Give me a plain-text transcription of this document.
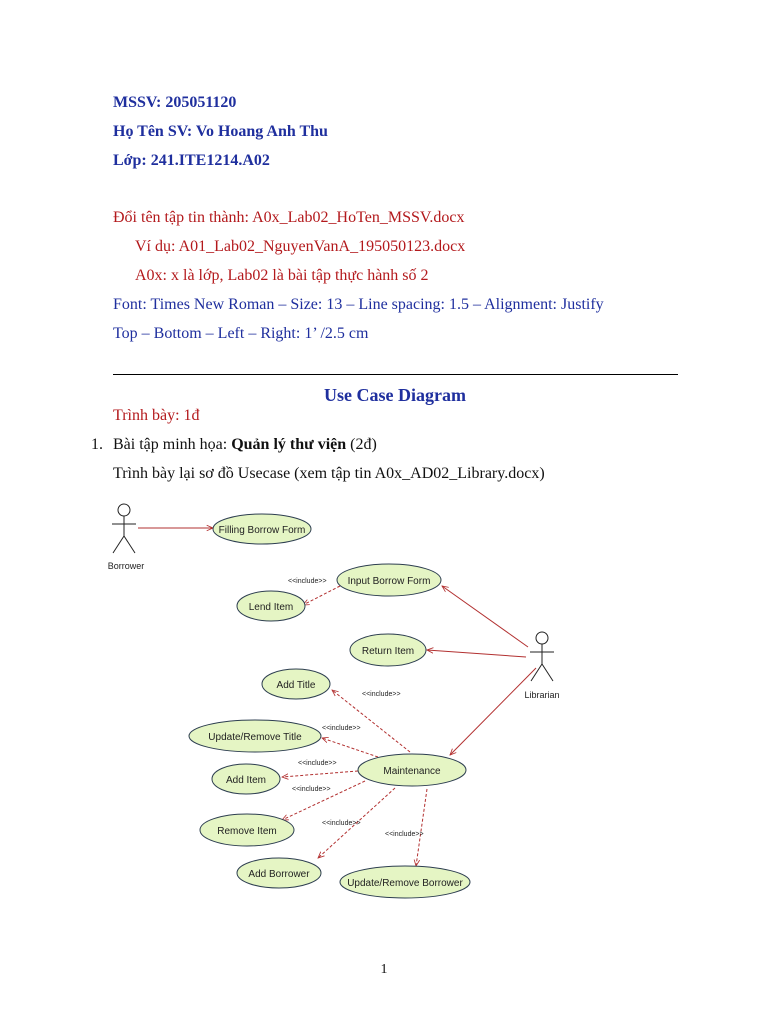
MSSV: 205051120
Họ Tên SV: Vo Hoang Anh Thu
Lớp: 241.ITE1214.A02
Đổi tên tập tin thành: A0x_Lab02_HoTen_MSSV.docx
Ví dụ: A01_Lab02_NguyenVanA_195050123.docx
A0x: x là lớp, Lab02 là bài tập thực hành số 2
Font: Times New Roman – Size: 13 – Line spacing: 1.5 – Alignment: Justify
Top – Bottom – Left – Right: 1’ /2.5 cm
Use Case Diagram
Trình bày: 1đ
1. Bài tập minh họa: Quản lý thư viện (2đ)
Trình bày lại sơ đồ Usecase (xem tập tin A0x_AD02_Library.docx)
Borrower
Librarian
<<include>>
<<include>>
<<include>>
<<include>>
<<include>>
<<include>>
<<include>>
Filling Borrow Form
Input Borrow Form
Lend Item
Return Item
Add Title
Update/Remove Title
Add Item
Maintenance
Remove Item
Add Borrower
Update/Remove Borrower
1
